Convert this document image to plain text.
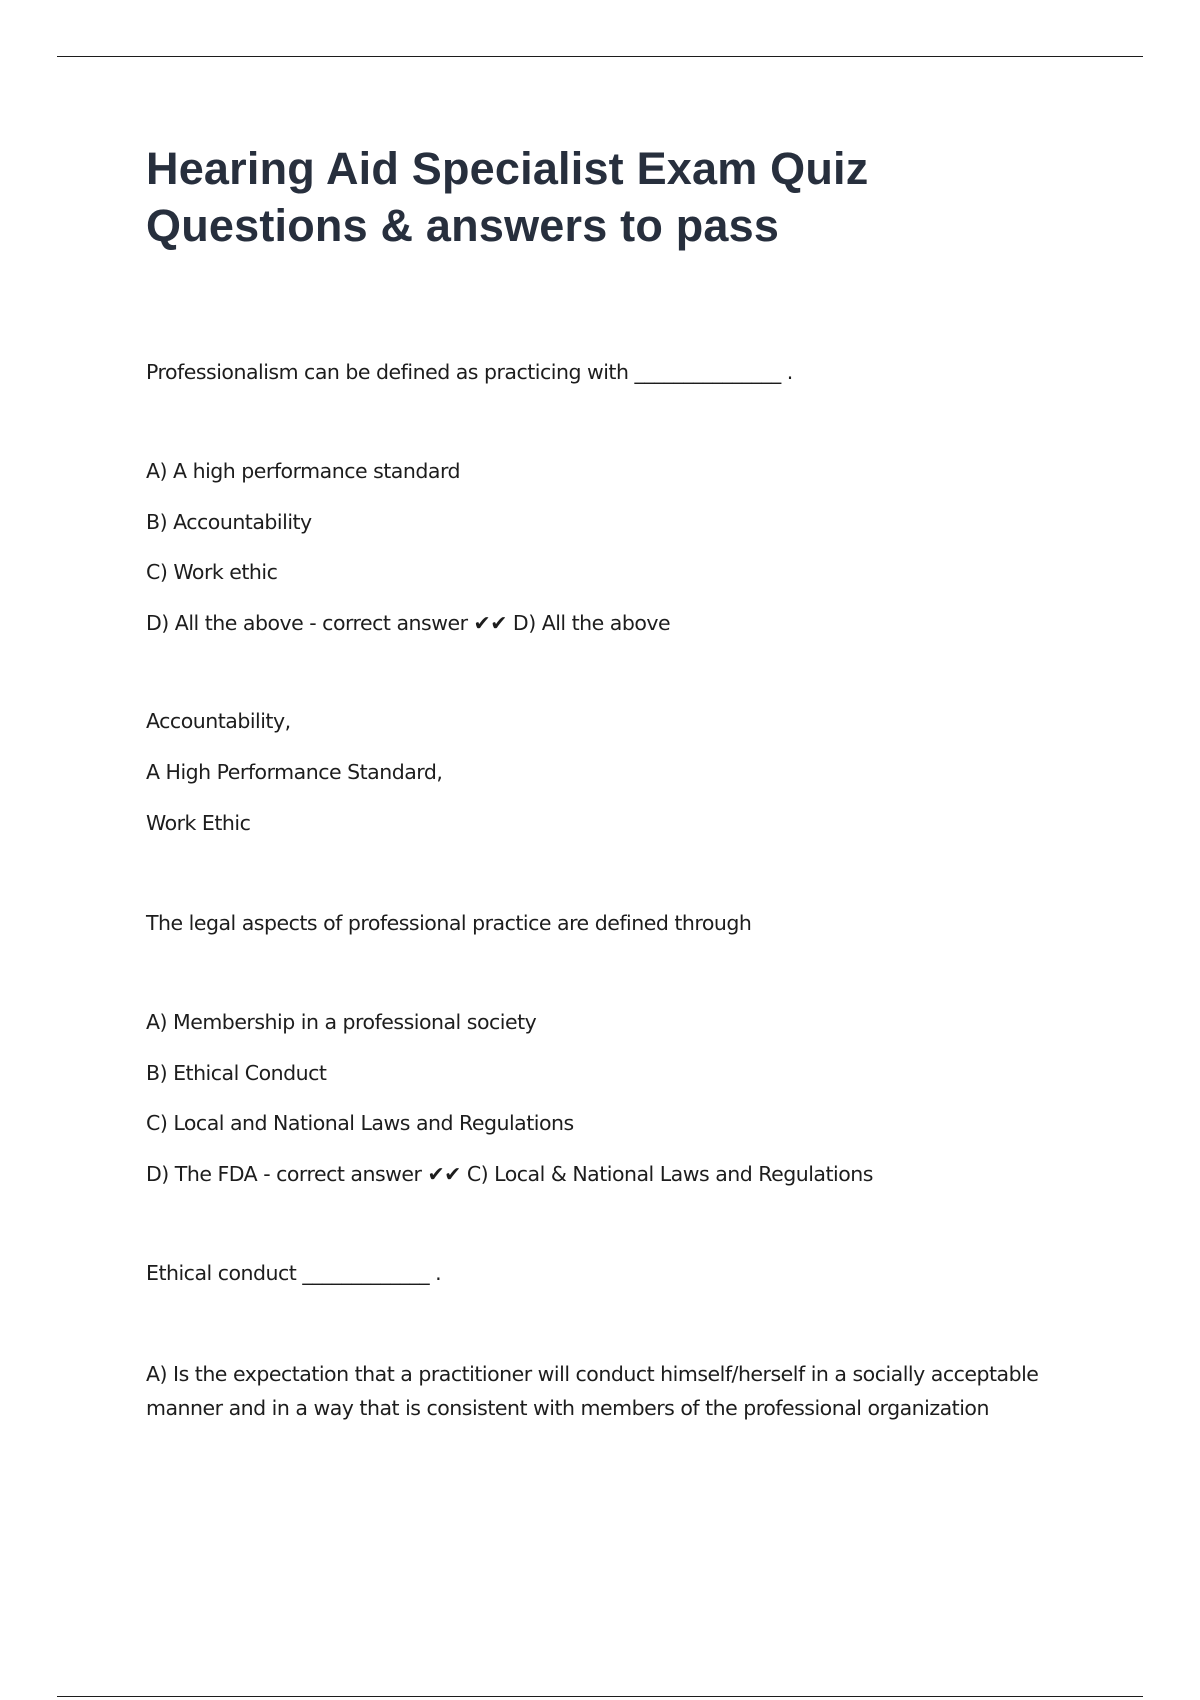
Hearing Aid Specialist Exam Quiz
Questions & answers to pass

Professionalism can be defined as practicing with _______________ .

A) A high performance standard

B) Accountability

C) Work ethic

D) All the above - correct answer ✔✔ D) All the above

Accountability,

A High Performance Standard,

Work Ethic

The legal aspects of professional practice are defined through

A) Membership in a professional society

B) Ethical Conduct

C) Local and National Laws and Regulations

D) The FDA - correct answer ✔✔ C) Local & National Laws and Regulations

Ethical conduct _____________ .

A) Is the expectation that a practitioner will conduct himself/herself in a socially acceptable manner and in a way that is consistent with members of the professional organization
